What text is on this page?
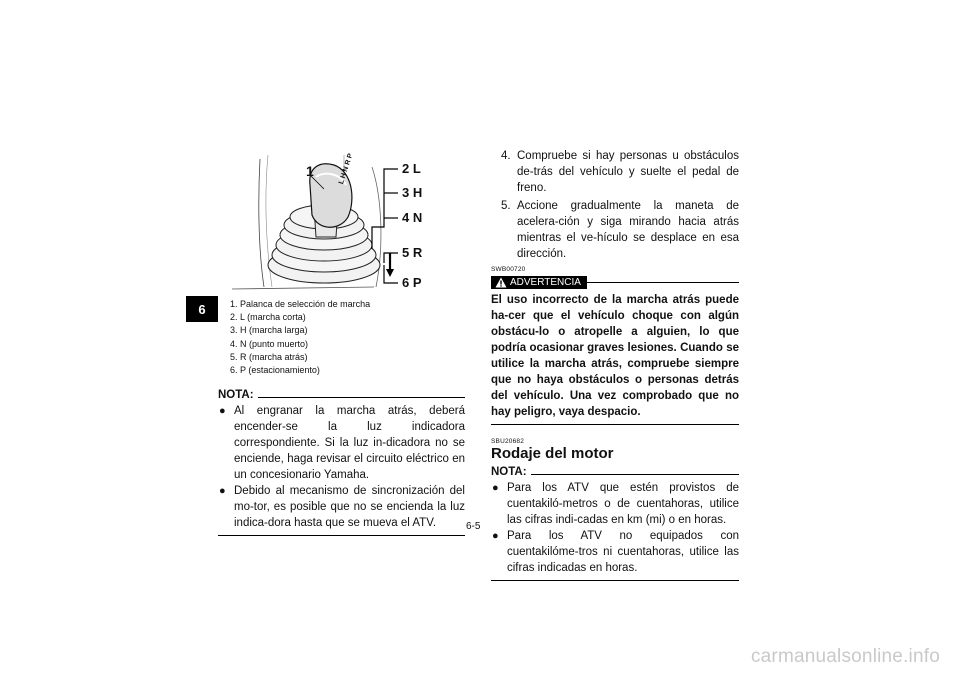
6
1	L H N R P	2 L
3 H
4 N
5 R
6 P
1. Palanca de selección de marcha
2. L (marcha corta)
3. H (marcha larga)
4. N (punto muerto)
5. R (marcha atrás)
6. P (estacionamiento)
NOTA:
● Al engranar la marcha atrás, deberá encender-se la luz indicadora correspondiente. Si la luz in-dicadora no se enciende, haga revisar el circuito eléctrico en un concesionario Yamaha.
● Debido al mecanismo de sincronización del mo-tor, es posible que no se encienda la luz indica-dora hasta que se mueva el ATV.
4. Compruebe si hay personas u obstáculos de-trás del vehículo y suelte el pedal de freno.
5. Accione gradualmente la maneta de acelera-ción y siga mirando hacia atrás mientras el ve-hículo se desplace en esa dirección.
SWB00720
ADVERTENCIA
El uso incorrecto de la marcha atrás puede ha-cer que el vehículo choque con algún obstácu-lo o atropelle a alguien, lo que podría ocasionar graves lesiones. Cuando se utilice la marcha atrás, compruebe siempre que no haya obstáculos o personas detrás del vehículo. Una vez comprobado que no hay peligro, vaya despacio.
SBU20682
Rodaje del motor
NOTA:
● Para los ATV que estén provistos de cuentakiló-metros o de cuentahoras, utilice las cifras indi-cadas en km (mi) o en horas.
● Para los ATV no equipados con cuentakilóme-tros ni cuentahoras, utilice las cifras indicadas en horas.
6-5
carmanualsonline.info
